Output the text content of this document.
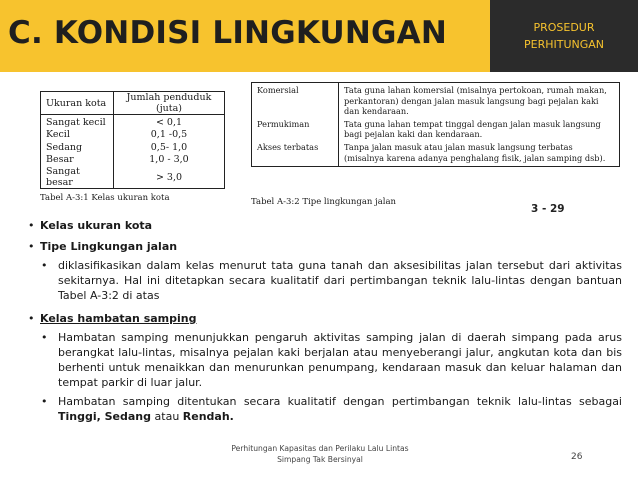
C. KONDISI LINGKUNGAN	PROSEDUR
PERHITUNGAN
Ukuran kota	Jumlah penduduk (juta)
Sangat kecil	< 0,1
Kecil	0,1 -0,5
Sedang	0,5- 1,0
Besar	1,0 - 3,0
Sangat besar	> 3,0
Tabel A-3:1 Kelas ukuran kota
Komersial	Tata guna lahan komersial (misalnya pertokoan, rumah makan, perkantoran) dengan jalan masuk langsung bagi pejalan kaki dan kendaraan.
Permukiman	Tata guna lahan tempat tinggal dengan jalan masuk langsung bagi pejalan kaki dan kendaraan.
Akses terbatas	Tanpa jalan masuk atau jalan masuk langsung terbatas (misalnya karena adanya penghalang fisik, jalan samping dsb).
Tabel A-3:2 Tipe lingkungan jalan
3 - 29
• Kelas ukuran kota
• Tipe Lingkungan jalan
• diklasifikasikan dalam kelas menurut tata guna tanah dan aksesibilitas jalan tersebut dari aktivitas sekitarnya. Hal ini ditetapkan secara kualitatif dari pertimbangan teknik lalu-lintas dengan bantuan Tabel A-3:2 di atas
• Kelas hambatan samping
• Hambatan samping menunjukkan pengaruh aktivitas samping jalan di daerah simpang pada arus berangkat lalu-lintas, misalnya pejalan kaki berjalan atau menyeberangi jalur, angkutan kota dan bis berhenti untuk menaikkan dan menurunkan penumpang, kendaraan masuk dan keluar halaman dan tempat parkir di luar jalur.
• Hambatan samping ditentukan secara kualitatif dengan pertimbangan teknik lalu-lintas sebagai Tinggi, Sedang atau Rendah.
Perhitungan Kapasitas dan Perilaku Lalu Lintas
Simpang Tak Bersinyal	26
